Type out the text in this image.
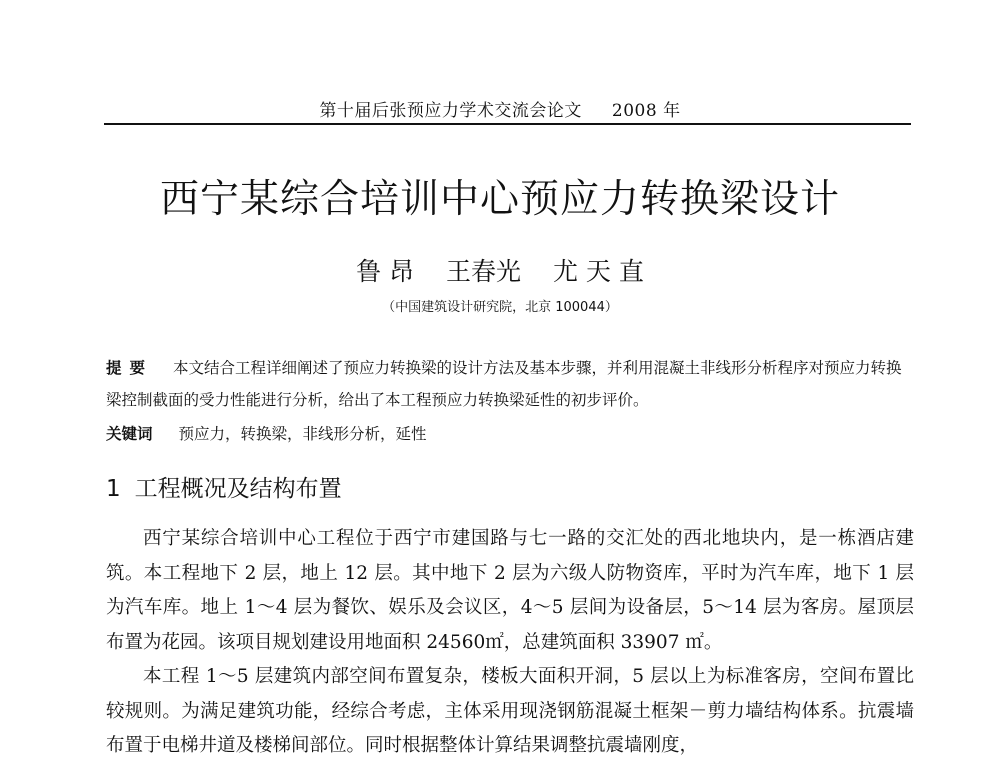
第十届后张预应力学术交流会论文 2008 年
西宁某综合培训中心预应力转换梁设计
鲁 昂 王春光 尤 天 直
（中国建筑设计研究院，北京 100044）
提要 本文结合工程详细阐述了预应力转换梁的设计方法及基本步骤，并利用混凝土非线形分析程序对预应力转换梁控制截面的受力性能进行分析，给出了本工程预应力转换梁延性的初步评价。
关键词 预应力，转换梁，非线形分析，延性
1 工程概况及结构布置

西宁某综合培训中心工程位于西宁市建国路与七一路的交汇处的西北地块内，是一栋酒店建筑。本工程地下 2 层，地上 12 层。其中地下 2 层为六级人防物资库，平时为汽车库，地下 1 层为汽车库。地上 1～4 层为餐饮、娱乐及会议区，4～5 层间为设备层，5～14 层为客房。屋顶层布置为花园。该项目规划建设用地面积 24560㎡，总建筑面积 33907 ㎡。

本工程 1～5 层建筑内部空间布置复杂，楼板大面积开洞，5 层以上为标准客房，空间布置比较规则。为满足建筑功能，经综合考虑，主体采用现浇钢筋混凝土框架－剪力墙结构体系。抗震墙布置于电梯井道及楼梯间部位。同时根据整体计算结果调整抗震墙刚度，
